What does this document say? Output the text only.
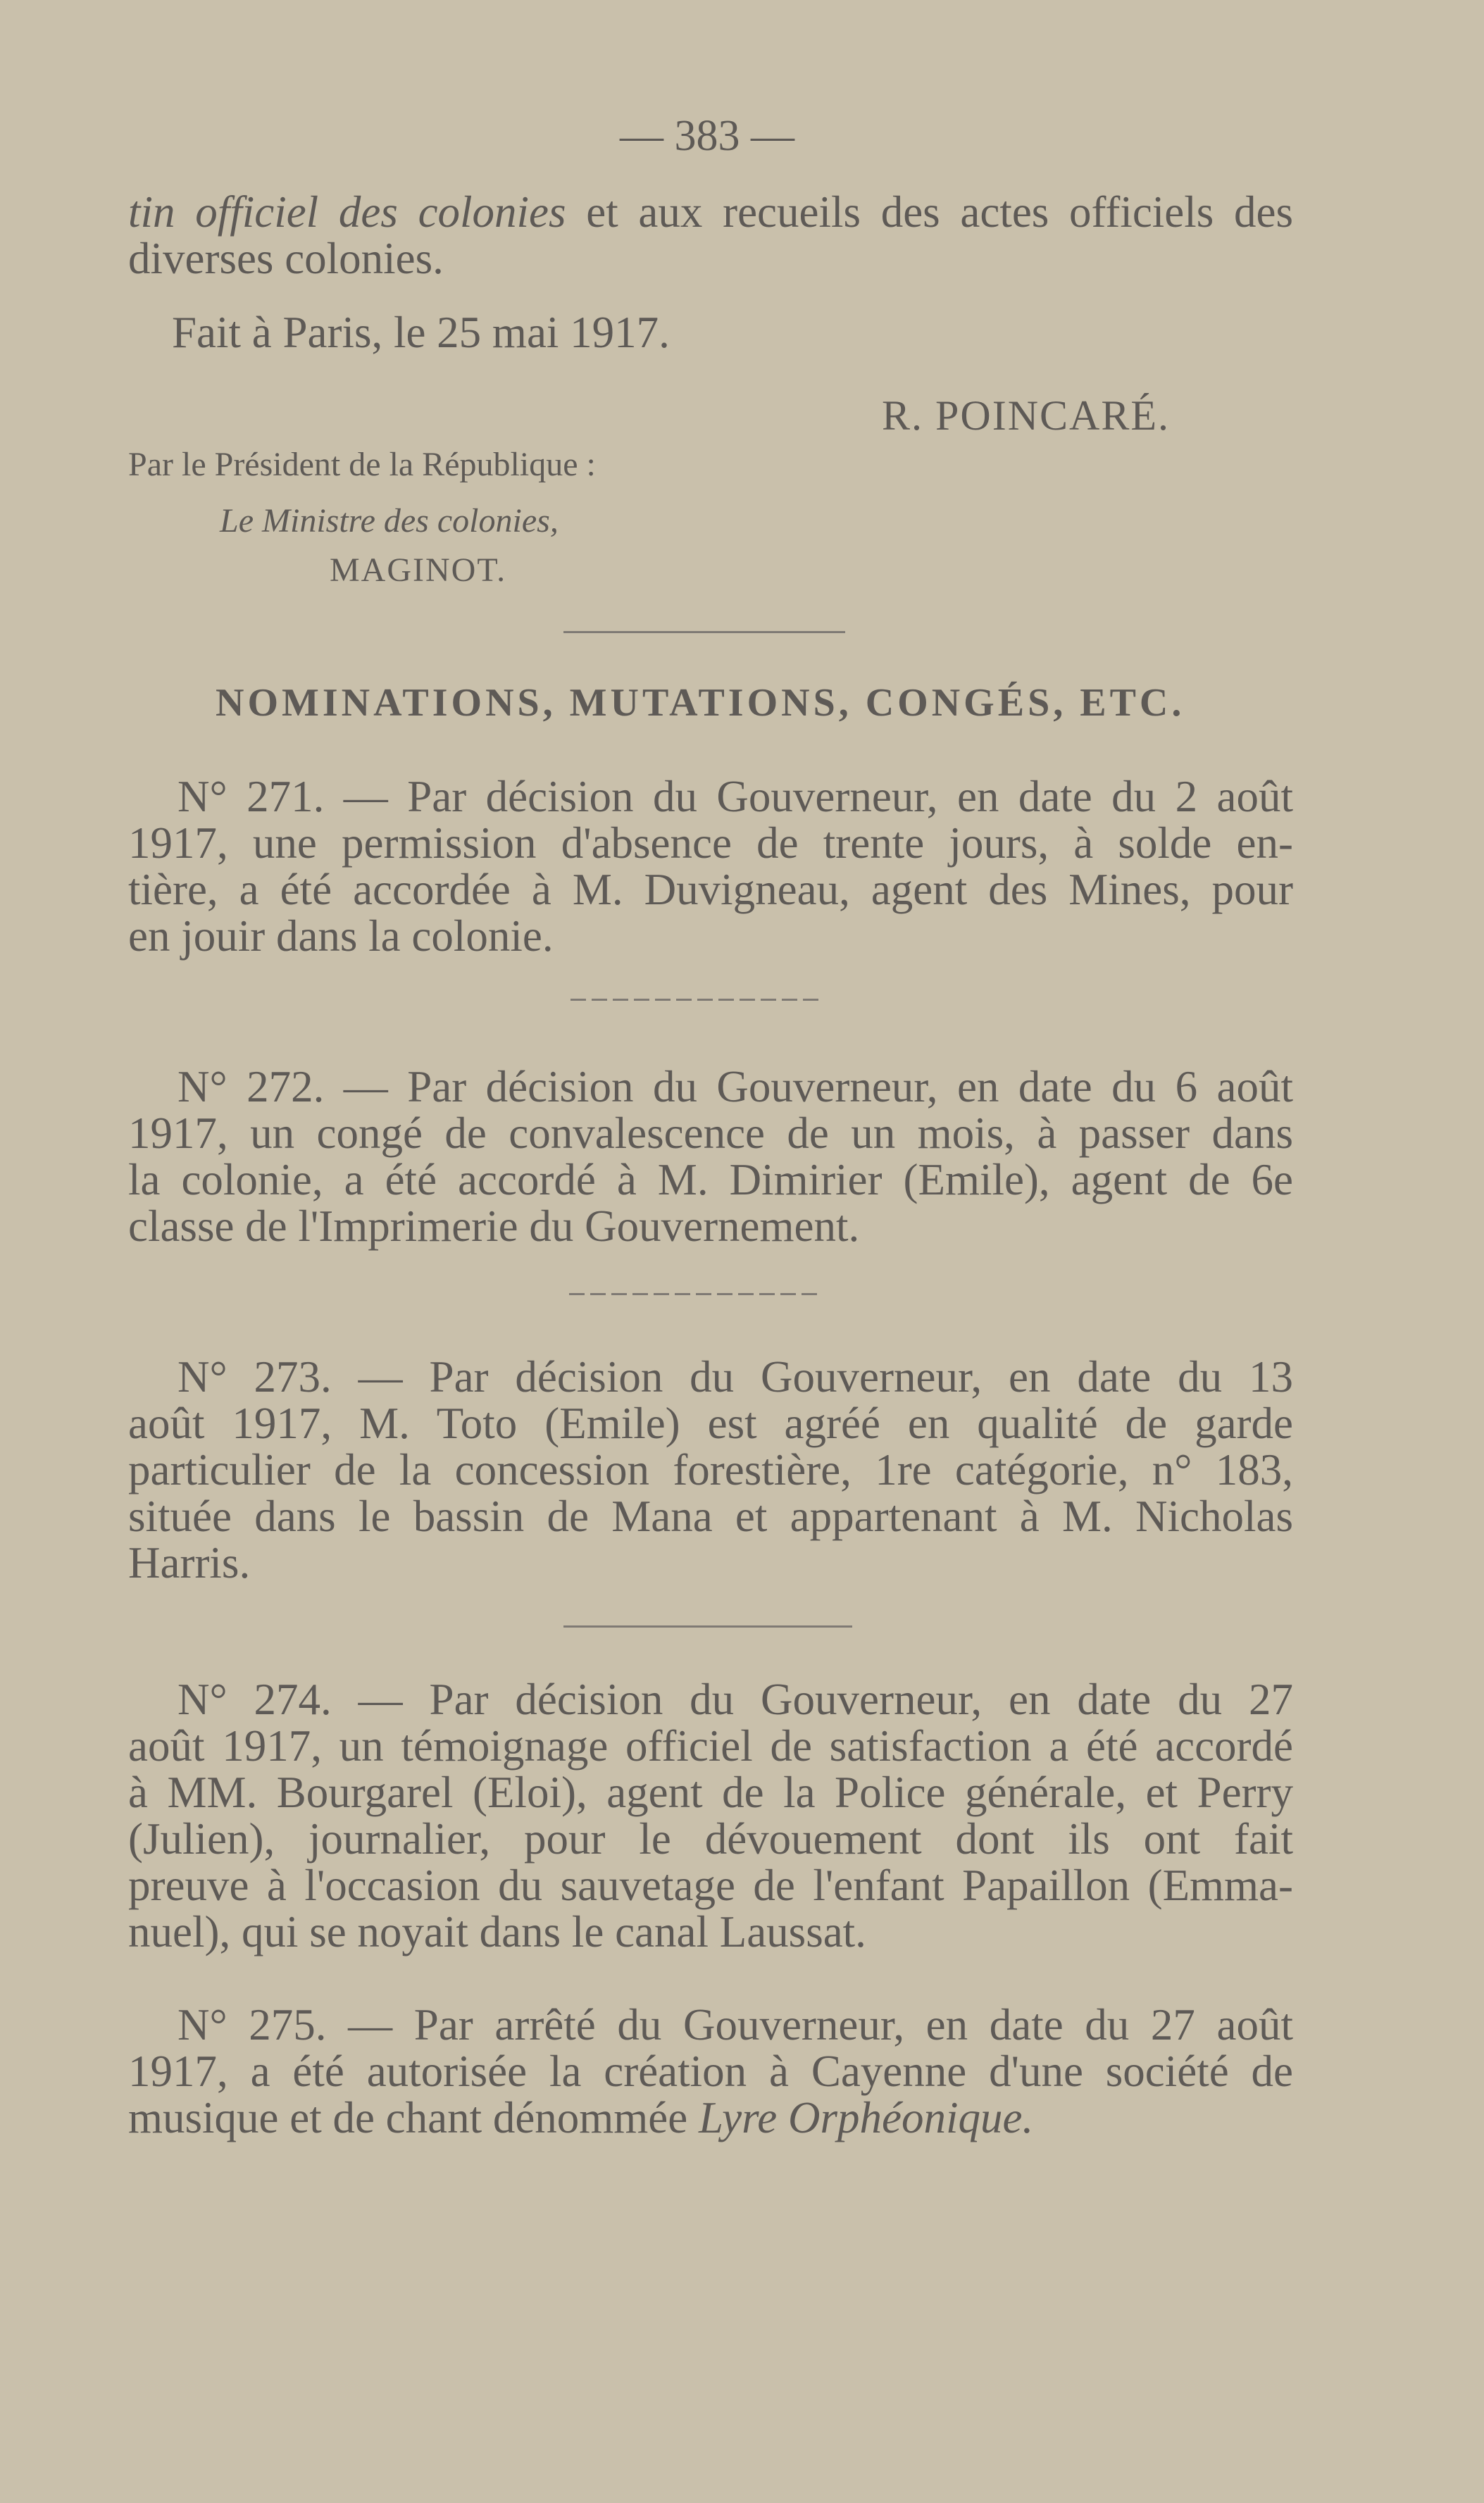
— 383 —
tin officiel des colonies et aux recueils des actes officiels des
diverses colonies.
Fait à Paris, le 25 mai 1917.
R. POINCARÉ.
Par le Président de la République :
Le Ministre des colonies,
MAGINOT.
NOMINATIONS, MUTATIONS, CONGÉS, ETC.
N° 271. — Par décision du Gouverneur, en date du 2 août
1917, une permission d'absence de trente jours, à solde en-
tière, a été accordée à M. Duvigneau, agent des Mines, pour
en jouir dans la colonie.
N° 272. — Par décision du Gouverneur, en date du 6 août
1917, un congé de convalescence de un mois, à passer dans
la colonie, a été accordé à M. Dimirier (Emile), agent de 6e
classe de l'Imprimerie du Gouvernement.
N° 273. — Par décision du Gouverneur, en date du 13
août 1917, M. Toto (Emile) est agréé en qualité de garde
particulier de la concession forestière, 1re catégorie, n° 183,
située dans le bassin de Mana et appartenant à M. Nicholas
Harris.
N° 274. — Par décision du Gouverneur, en date du 27
août 1917, un témoignage officiel de satisfaction a été accordé
à MM. Bourgarel (Eloi), agent de la Police générale, et Perry
(Julien), journalier, pour le dévouement dont ils ont fait
preuve à l'occasion du sauvetage de l'enfant Papaillon (Emma-
nuel), qui se noyait dans le canal Laussat.
N° 275. — Par arrêté du Gouverneur, en date du 27 août
1917, a été autorisée la création à Cayenne d'une société de
musique et de chant dénommée Lyre Orphéonique.
